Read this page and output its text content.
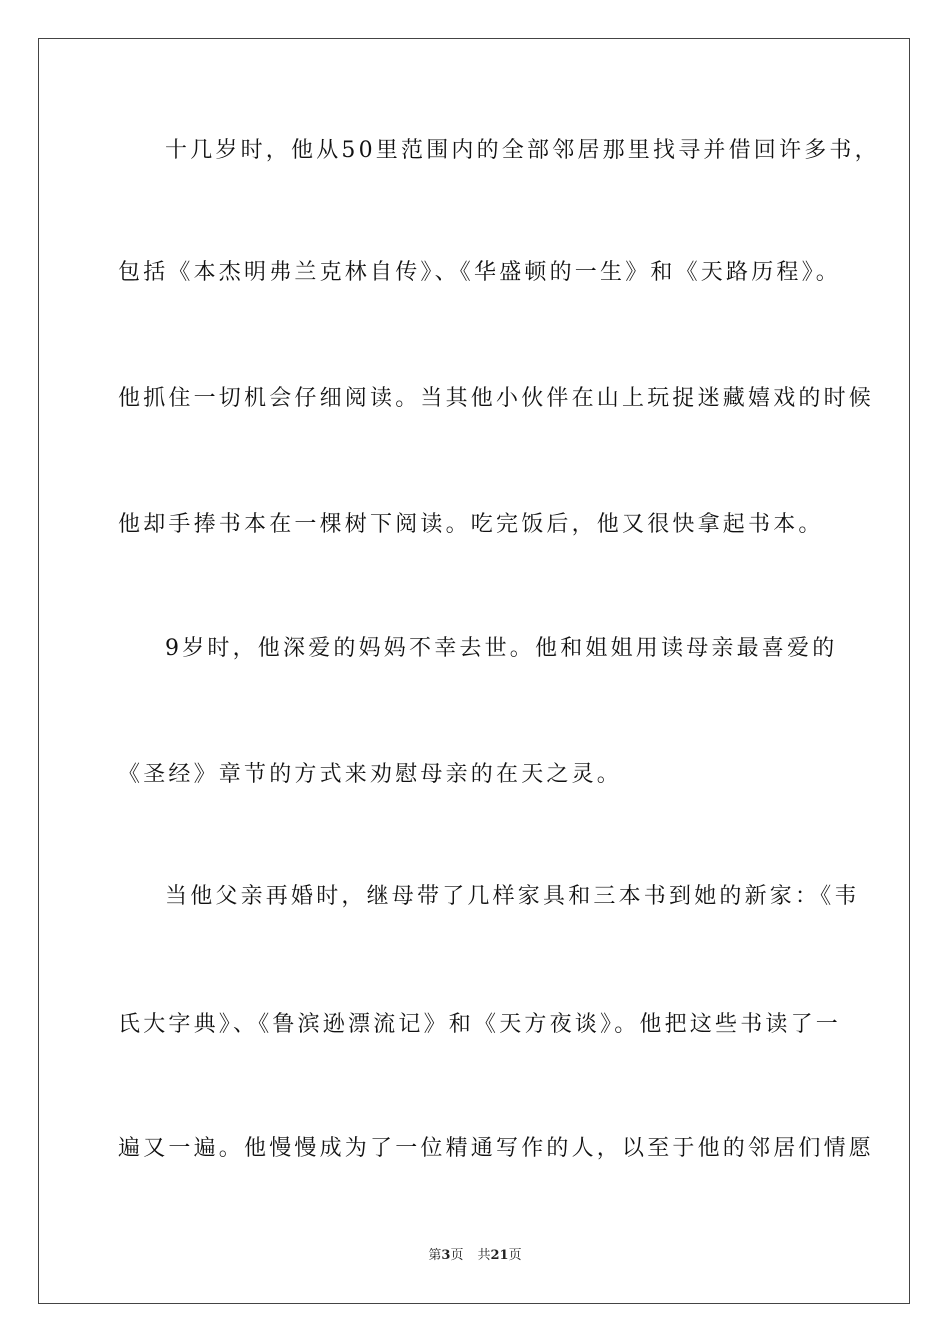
十几岁时，他从50里范围内的全部邻居那里找寻并借回许多书，
包括《本杰明弗兰克林自传》、《华盛顿的一生》和《天路历程》。
他抓住一切机会仔细阅读。当其他小伙伴在山上玩捉迷藏嬉戏的时候
他却手捧书本在一棵树下阅读。吃完饭后，他又很快拿起书本。
9岁时，他深爱的妈妈不幸去世。他和姐姐用读母亲最喜爱的
《圣经》章节的方式来劝慰母亲的在天之灵。
当他父亲再婚时，继母带了几样家具和三本书到她的新家：《韦
氏大字典》、《鲁滨逊漂流记》和《天方夜谈》。他把这些书读了一
遍又一遍。他慢慢成为了一位精通写作的人，以至于他的邻居们情愿
第3页 共21页
